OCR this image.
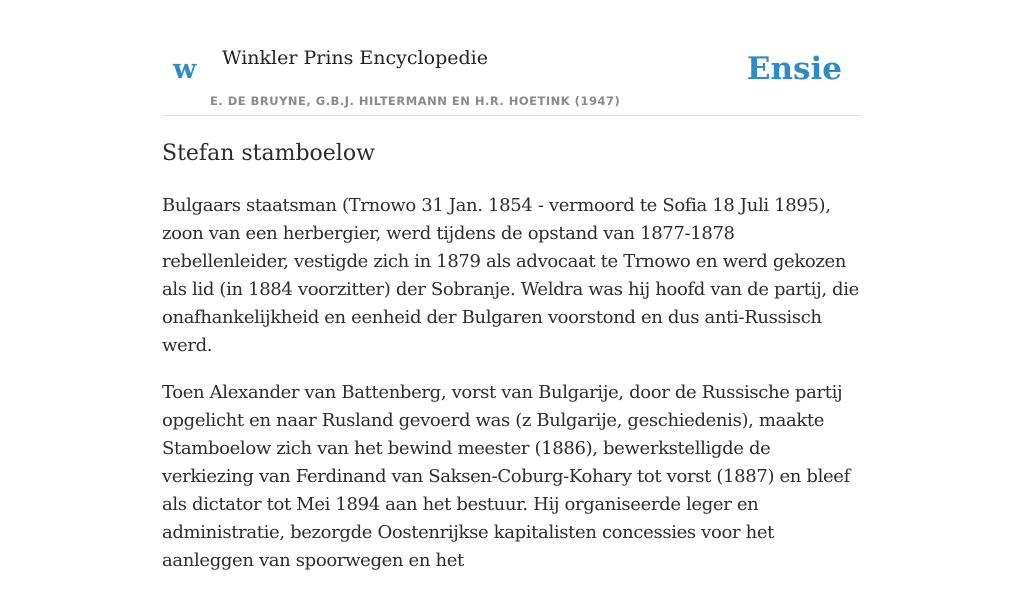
w Winkler Prins Encyclopedie
E. DE BRUYNE, G.B.J. HILTERMANN EN H.R. HOETINK (1947)
Ensie
Stefan stamboelow

Bulgaars staatsman (Trnowo 31 Jan. 1854 - vermoord te Sofia 18 Juli 1895), zoon van een herbergier, werd tijdens de opstand van 1877-1878 rebellenleider, vestigde zich in 1879 als advocaat te Trnowo en werd gekozen als lid (in 1884 voorzitter) der Sobranje. Weldra was hij hoofd van de partij, die onafhankelijkheid en eenheid der Bulgaren voorstond en dus anti-Russisch werd.

Toen Alexander van Battenberg, vorst van Bulgarije, door de Russische partij opgelicht en naar Rusland gevoerd was (z Bulgarije, geschiedenis), maakte Stamboelow zich van het bewind meester (1886), bewerkstelligde de verkiezing van Ferdinand van Saksen-Coburg-Kohary tot vorst (1887) en bleef als dictator tot Mei 1894 aan het bestuur. Hij organiseerde leger en administratie, bezorgde Oostenrijkse kapitalisten concessies voor het aanleggen van spoorwegen en het
